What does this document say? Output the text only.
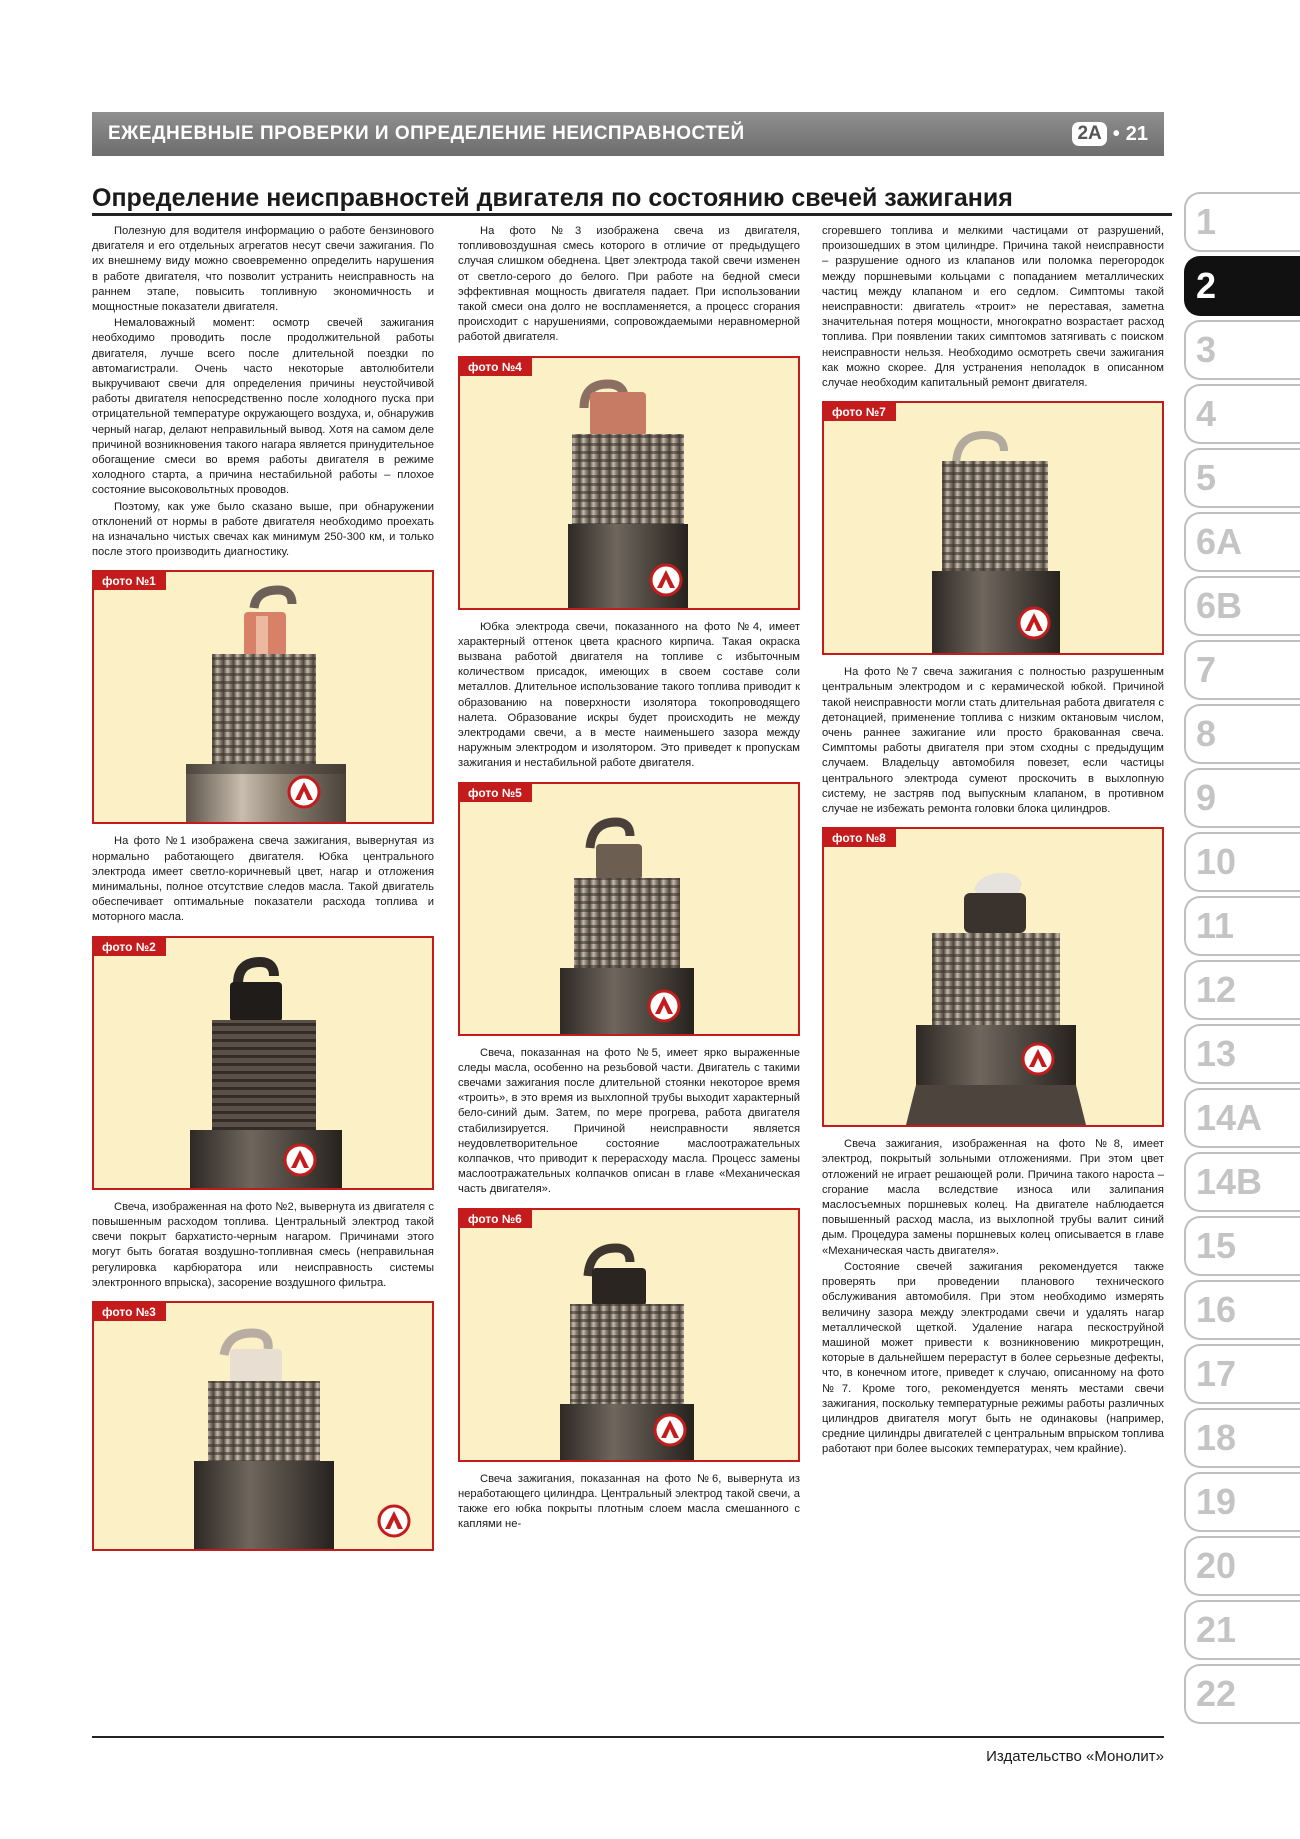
ЕЖЕДНЕВНЫЕ ПРОВЕРКИ И ОПРЕДЕЛЕНИЕ НЕИСПРАВНОСТЕЙ	2A • 21
Определение неисправностей двигателя по состоянию свечей зажигания

Полезную для водителя информацию о работе бензинового двигателя и его отдельных агрегатов несут свечи зажигания. По их внешнему виду можно своевременно определить нарушения в работе двигателя, что позволит устранить неисправность на раннем этапе, повысить топливную экономичность и мощностные показатели двигателя.

Немаловажный момент: осмотр свечей зажигания необходимо проводить после продолжительной работы двигателя, лучше всего после длительной поездки по автомагистрали. Очень часто некоторые автолюбители выкручивают свечи для определения причины неустойчивой работы двигателя непосредственно после холодного пуска при отрицательной температуре окружающего воздуха, и, обнаружив черный нагар, делают неправильный вывод. Хотя на самом деле причиной возникновения такого нагара является принудительное обогащение смеси во время работы двигателя в режиме холодного старта, а причина нестабильной работы – плохое состояние высоковольтных проводов.

Поэтому, как уже было сказано выше, при обнаружении отклонений от нормы в работе двигателя необходимо проехать на изначально чистых свечах как минимум 250-300 км, и только после этого производить диагностику.

фото №1

На фото №1 изображена свеча зажигания, вывернутая из нормально работающего двигателя. Юбка центрального электрода имеет светло-коричневый цвет, нагар и отложения минимальны, полное отсутствие следов масла. Такой двигатель обеспечивает оптимальные показатели расхода топлива и моторного масла.

фото №2

Свеча, изображенная на фото №2, вывернута из двигателя с повышенным расходом топлива. Центральный электрод такой свечи покрыт бархатисто-черным нагаром. Причинами этого могут быть богатая воздушно-топливная смесь (неправильная регулировка карбюратора или неисправность системы электронного впрыска), засорение воздушного фильтра.

фото №3

На фото №3 изображена свеча из двигателя, топливовоздушная смесь которого в отличие от предыдущего случая слишком обеднена. Цвет электрода такой свечи изменен от светло-серого до белого. При работе на бедной смеси эффективная мощность двигателя падает. При использовании такой смеси она долго не воспламеняется, а процесс сгорания происходит с нарушениями, сопровождаемыми неравномерной работой двигателя.

фото №4

Юбка электрода свечи, показанного на фото №4, имеет характерный оттенок цвета красного кирпича. Такая окраска вызвана работой двигателя на топливе с избыточным количеством присадок, имеющих в своем составе соли металлов. Длительное использование такого топлива приводит к образованию на поверхности изолятора токопроводящего налета. Образование искры будет происходить не между электродами свечи, а в месте наименьшего зазора между наружным электродом и изолятором. Это приведет к пропускам зажигания и нестабильной работе двигателя.

фото №5

Свеча, показанная на фото №5, имеет ярко выраженные следы масла, особенно на резьбовой части. Двигатель с такими свечами зажигания после длительной стоянки некоторое время «троить», в это время из выхлопной трубы выходит характерный бело-синий дым. Затем, по мере прогрева, работа двигателя стабилизируется. Причиной неисправности является неудовлетворительное состояние маслоотражательных колпачков, что приводит к перерасходу масла. Процесс замены маслоотражательных колпачков описан в главе «Механическая часть двигателя».

фото №6

Свеча зажигания, показанная на фото №6, вывернута из неработающего цилиндра. Центральный электрод такой свечи, а также его юбка покрыты плотным слоем масла смешанного с каплями не-

сгоревшего топлива и мелкими частицами от разрушений, произошедших в этом цилиндре. Причина такой неисправности – разрушение одного из клапанов или поломка перегородок между поршневыми кольцами с попаданием металлических частиц между клапаном и его седлом. Симптомы такой неисправности: двигатель «троит» не переставая, заметна значительная потеря мощности, многократно возрастает расход топлива. При появлении таких симптомов затягивать с поиском неисправности нельзя. Необходимо осмотреть свечи зажигания как можно скорее. Для устранения неполадок в описанном случае необходим капитальный ремонт двигателя.

фото №7

На фото №7 свеча зажигания с полностью разрушенным центральным электродом и с керамической юбкой. Причиной такой неисправности могли стать длительная работа двигателя с детонацией, применение топлива с низким октановым числом, очень раннее зажигание или просто бракованная свеча. Симптомы работы двигателя при этом сходны с предыдущим случаем. Владельцу автомобиля повезет, если частицы центрального электрода сумеют проскочить в выхлопную систему, не застряв под выпускным клапаном, в противном случае не избежать ремонта головки блока цилиндров.

фото №8

Свеча зажигания, изображенная на фото №8, имеет электрод, покрытый зольными отложениями. При этом цвет отложений не играет решающей роли. Причина такого нароста – сгорание масла вследствие износа или залипания маслосъемных поршневых колец. На двигателе наблюдается повышенный расход масла, из выхлопной трубы валит синий дым. Процедура замены поршневых колец описывается в главе «Механическая часть двигателя».

Состояние свечей зажигания рекомендуется также проверять при проведении планового технического обслуживания автомобиля. При этом необходимо измерять величину зазора между электродами свечи и удалять нагар металлической щеткой. Удаление нагара пескоструйной машиной может привести к возникновению микротрещин, которые в дальнейшем перерастут в более серьезные дефекты, что, в конечном итоге, приведет к случаю, описанному на фото №7. Кроме того, рекомендуется менять местами свечи зажигания, поскольку температурные режимы работы различных цилиндров двигателя могут быть не одинаковы (например, средние цилиндры двигателей с центральным впрыском топлива работают при более высоких температурах, чем крайние).

1
2
3
4
5
6A
6B
7
8
9
10
11
12
13
14A
14B
15
16
17
18
19
20
21
22
Издательство «Монолит»
